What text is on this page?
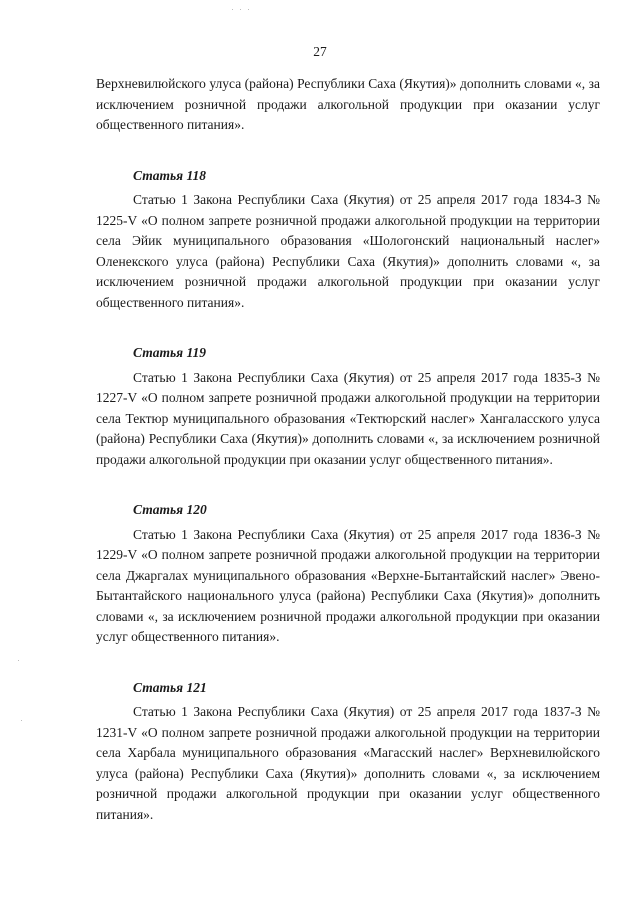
27

Верхневилюйского улуса (района) Республики Саха (Якутия)» дополнить словами «, за исключением розничной продажи алкогольной продукции при оказании услуг общественного питания».

Статья 118

Статью 1 Закона Республики Саха (Якутия) от 25 апреля 2017 года 1834-З № 1225-V «О полном запрете розничной продажи алкогольной продукции на территории села Эйик муниципального образования «Шологонский национальный наслег» Оленекского улуса (района) Республики Саха (Якутия)» дополнить словами «, за исключением розничной продажи алкогольной продукции при оказании услуг общественного питания».

Статья 119

Статью 1 Закона Республики Саха (Якутия) от 25 апреля 2017 года 1835-З № 1227-V «О полном запрете розничной продажи алкогольной продукции на территории села Тектюр муниципального образования «Тектюрский наслег» Хангаласского улуса (района) Республики Саха (Якутия)» дополнить словами «, за исключением розничной продажи алкогольной продукции при оказании услуг общественного питания».

Статья 120

Статью 1 Закона Республики Саха (Якутия) от 25 апреля 2017 года 1836-З № 1229-V «О полном запрете розничной продажи алкогольной продукции на территории села Джаргалах муниципального образования «Верхне-Бытантайский наслег» Эвено-Бытантайского национального улуса (района) Республики Саха (Якутия)» дополнить словами «, за исключением розничной продажи алкогольной продукции при оказании услуг общественного питания».

Статья 121

Статью 1 Закона Республики Саха (Якутия) от 25 апреля 2017 года 1837-З № 1231-V «О полном запрете розничной продажи алкогольной продукции на территории села Харбала муниципального образования «Магасский наслег» Верхневилюйского улуса (района) Республики Саха (Якутия)» дополнить словами «, за исключением розничной продажи алкогольной продукции при оказании услуг общественного питания».
